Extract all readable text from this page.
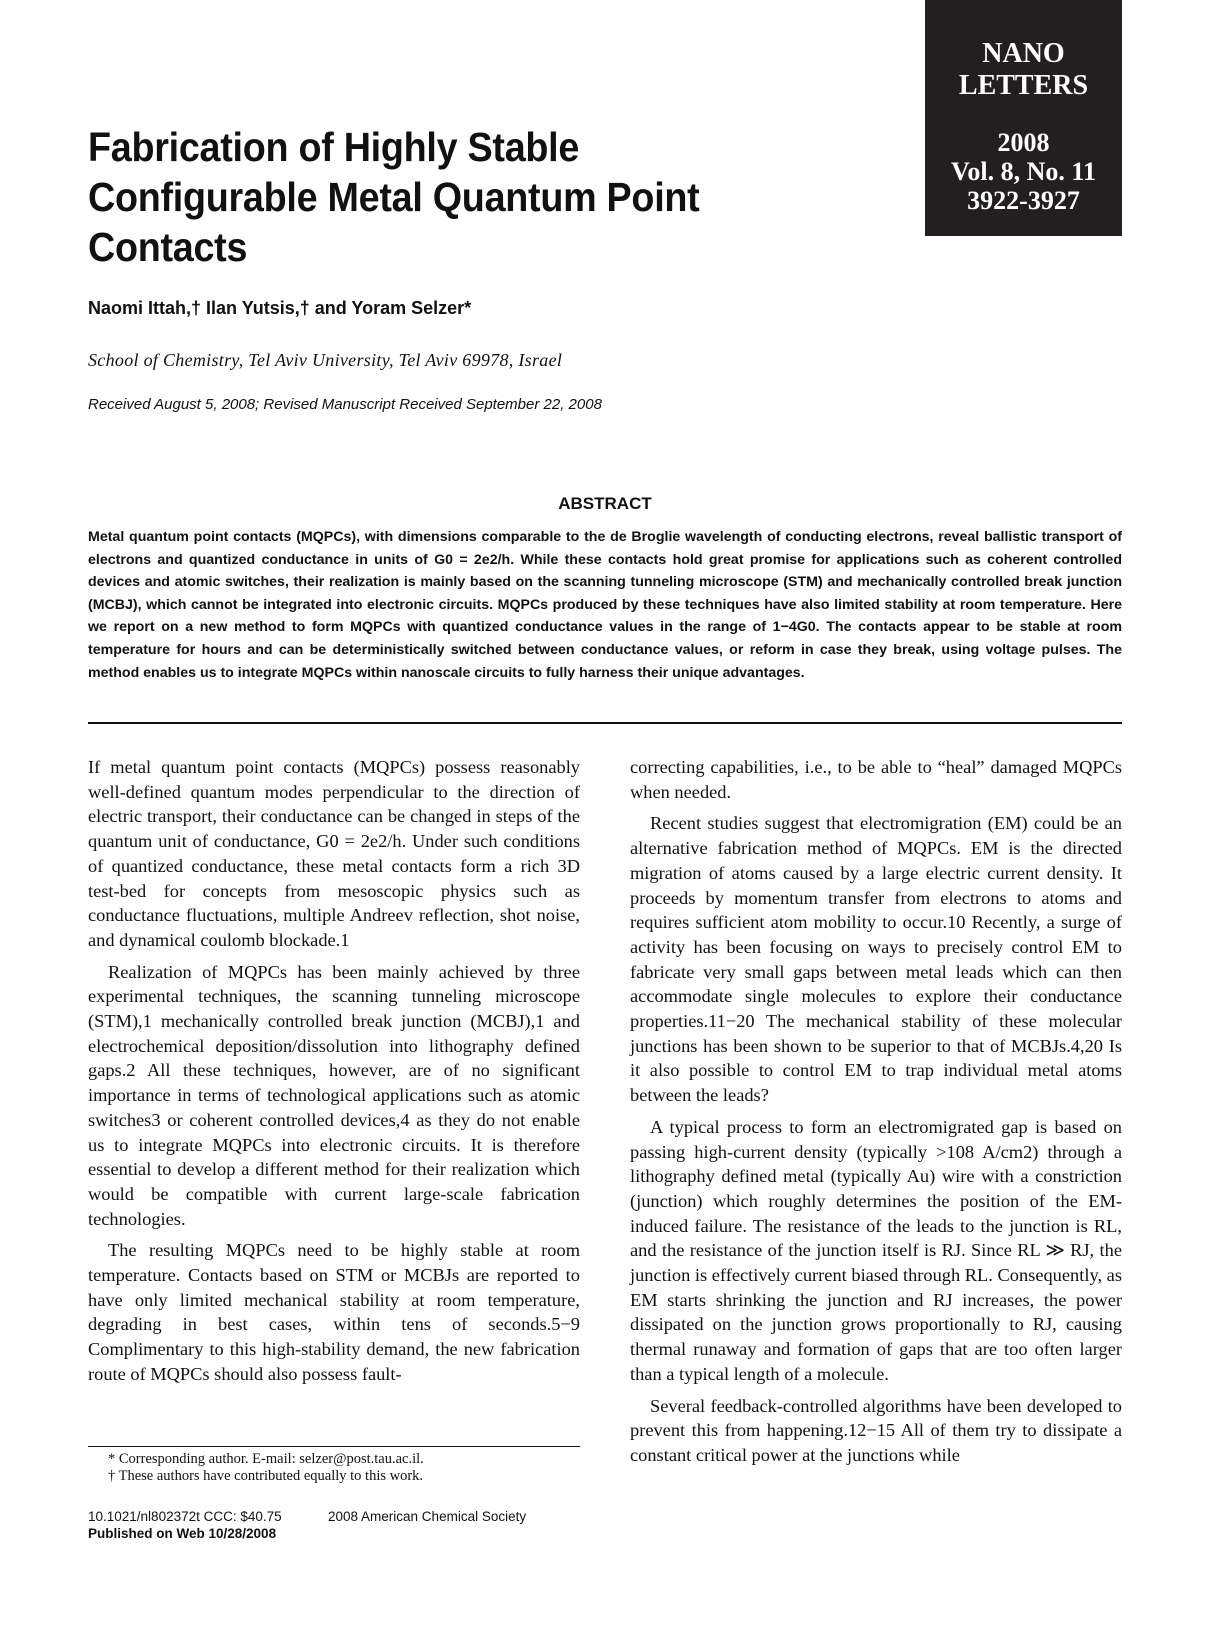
NANO
LETTERS
2008
Vol. 8, No. 11
3922-3927
Fabrication of Highly Stable Configurable Metal Quantum Point Contacts
Naomi Ittah,† Ilan Yutsis,† and Yoram Selzer*
School of Chemistry, Tel Aviv University, Tel Aviv 69978, Israel
Received August 5, 2008; Revised Manuscript Received September 22, 2008
ABSTRACT

Metal quantum point contacts (MQPCs), with dimensions comparable to the de Broglie wavelength of conducting electrons, reveal ballistic transport of electrons and quantized conductance in units of G0 = 2e2/h. While these contacts hold great promise for applications such as coherent controlled devices and atomic switches, their realization is mainly based on the scanning tunneling microscope (STM) and mechanically controlled break junction (MCBJ), which cannot be integrated into electronic circuits. MQPCs produced by these techniques have also limited stability at room temperature. Here we report on a new method to form MQPCs with quantized conductance values in the range of 1−4G0. The contacts appear to be stable at room temperature for hours and can be deterministically switched between conductance values, or reform in case they break, using voltage pulses. The method enables us to integrate MQPCs within nanoscale circuits to fully harness their unique advantages.

If metal quantum point contacts (MQPCs) possess reasonably well-defined quantum modes perpendicular to the direction of electric transport, their conductance can be changed in steps of the quantum unit of conductance, G0 = 2e2/h. Under such conditions of quantized conductance, these metal contacts form a rich 3D test-bed for concepts from mesoscopic physics such as conductance fluctuations, multiple Andreev reflection, shot noise, and dynamical coulomb blockade.1

Realization of MQPCs has been mainly achieved by three experimental techniques, the scanning tunneling microscope (STM),1 mechanically controlled break junction (MCBJ),1 and electrochemical deposition/dissolution into lithography defined gaps.2 All these techniques, however, are of no significant importance in terms of technological applications such as atomic switches3 or coherent controlled devices,4 as they do not enable us to integrate MQPCs into electronic circuits. It is therefore essential to develop a different method for their realization which would be compatible with current large-scale fabrication technologies.

The resulting MQPCs need to be highly stable at room temperature. Contacts based on STM or MCBJs are reported to have only limited mechanical stability at room temperature, degrading in best cases, within tens of seconds.5−9 Complimentary to this high-stability demand, the new fabrication route of MQPCs should also possess fault-

correcting capabilities, i.e., to be able to “heal” damaged MQPCs when needed.

Recent studies suggest that electromigration (EM) could be an alternative fabrication method of MQPCs. EM is the directed migration of atoms caused by a large electric current density. It proceeds by momentum transfer from electrons to atoms and requires sufficient atom mobility to occur.10 Recently, a surge of activity has been focusing on ways to precisely control EM to fabricate very small gaps between metal leads which can then accommodate single molecules to explore their conductance properties.11−20 The mechanical stability of these molecular junctions has been shown to be superior to that of MCBJs.4,20 Is it also possible to control EM to trap individual metal atoms between the leads?

A typical process to form an electromigrated gap is based on passing high-current density (typically >108 A/cm2) through a lithography defined metal (typically Au) wire with a constriction (junction) which roughly determines the position of the EM-induced failure. The resistance of the leads to the junction is RL, and the resistance of the junction itself is RJ. Since RL ≫ RJ, the junction is effectively current biased through RL. Consequently, as EM starts shrinking the junction and RJ increases, the power dissipated on the junction grows proportionally to RJ, causing thermal runaway and formation of gaps that are too often larger than a typical length of a molecule.

Several feedback-controlled algorithms have been developed to prevent this from happening.12−15 All of them try to dissipate a constant critical power at the junctions while

* Corresponding author. E-mail: selzer@post.tau.ac.il.
† These authors have contributed equally to this work.
10.1021/nl802372t CCC: $40.75	2008 American Chemical Society
Published on Web 10/28/2008
